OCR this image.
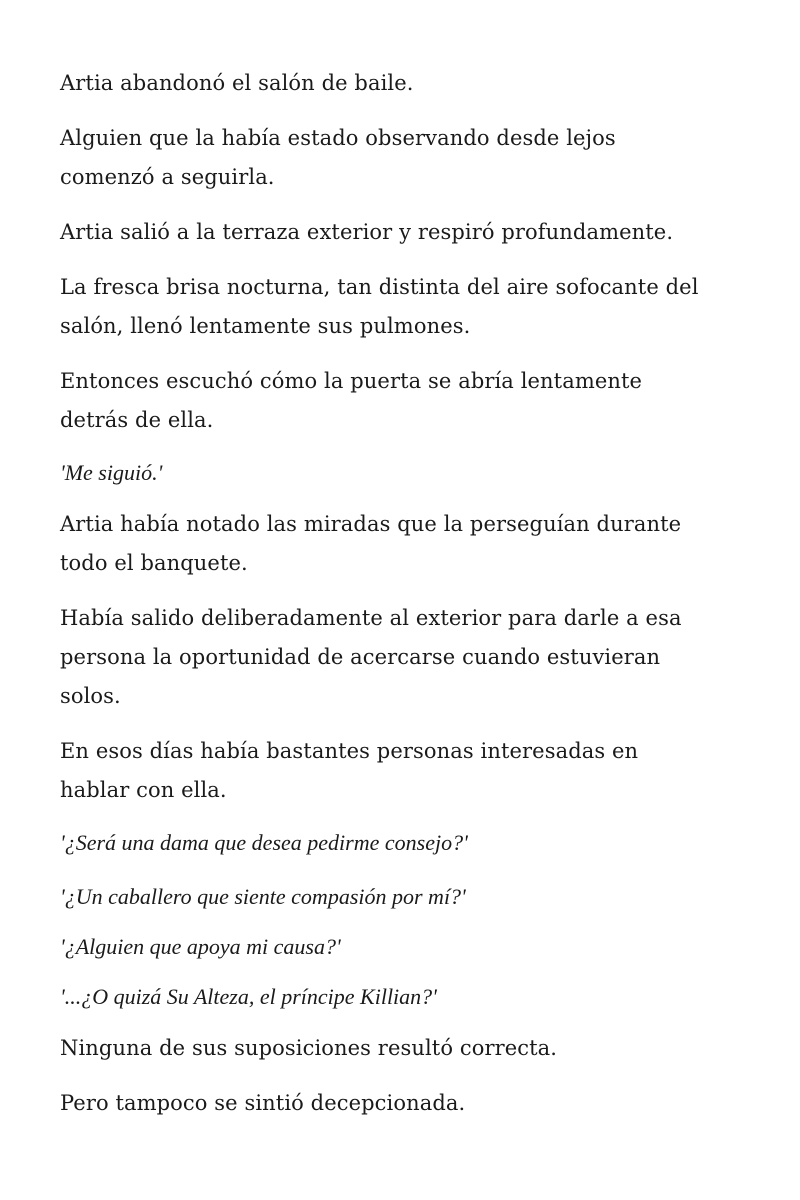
Artia abandonó el salón de baile.

Alguien que la había estado observando desde lejos

comenzó a seguirla.

Artia salió a la terraza exterior y respiró profundamente.

La fresca brisa nocturna, tan distinta del aire sofocante del

salón, llenó lentamente sus pulmones.

Entonces escuchó cómo la puerta se abría lentamente

detrás de ella.

'Me siguió.'

Artia había notado las miradas que la perseguían durante

todo el banquete.

Había salido deliberadamente al exterior para darle a esa

persona la oportunidad de acercarse cuando estuvieran

solos.

En esos días había bastantes personas interesadas en

hablar con ella.

'¿Será una dama que desea pedirme consejo?'

'¿Un caballero que siente compasión por mí?'

'¿Alguien que apoya mi causa?'

'...¿O quizá Su Alteza, el príncipe Killian?'

Ninguna de sus suposiciones resultó correcta.

Pero tampoco se sintió decepcionada.
